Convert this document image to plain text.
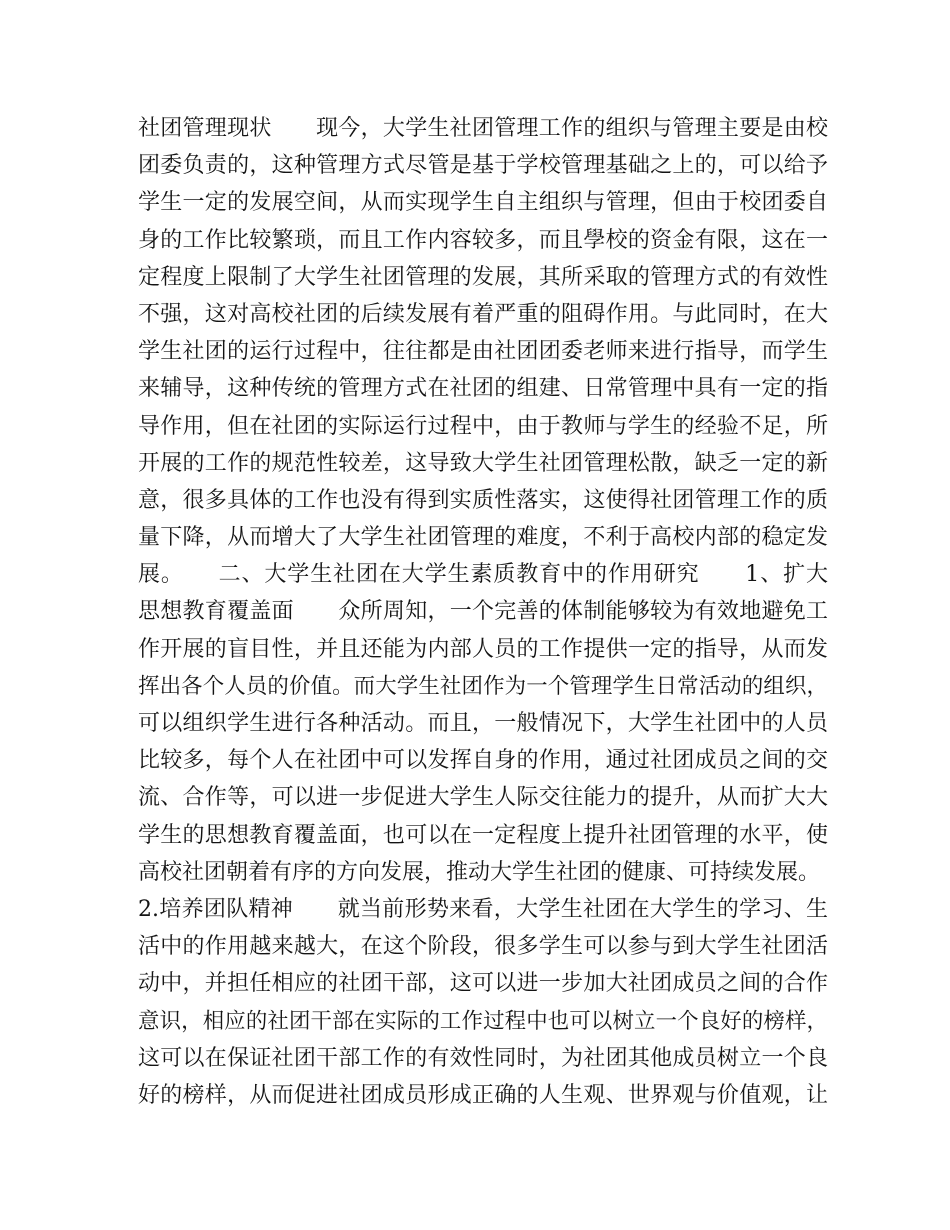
社团管理现状　　现今，大学生社团管理工作的组织与管理主要是由校
团委负责的，这种管理方式尽管是基于学校管理基础之上的，可以给予
学生一定的发展空间，从而实现学生自主组织与管理，但由于校团委自
身的工作比较繁琐，而且工作内容较多，而且學校的资金有限，这在一
定程度上限制了大学生社团管理的发展，其所采取的管理方式的有效性
不强，这对高校社团的后续发展有着严重的阻碍作用。与此同时，在大
学生社团的运行过程中，往往都是由社团团委老师来进行指导，而学生
来辅导，这种传统的管理方式在社团的组建、日常管理中具有一定的指
导作用，但在社团的实际运行过程中，由于教师与学生的经验不足，所
开展的工作的规范性较差，这导致大学生社团管理松散，缺乏一定的新
意，很多具体的工作也没有得到实质性落实，这使得社团管理工作的质
量下降，从而增大了大学生社团管理的难度，不利于高校内部的稳定发
展。　　二、大学生社团在大学生素质教育中的作用研究　　1、扩大
思想教育覆盖面　　众所周知，一个完善的体制能够较为有效地避免工
作开展的盲目性，并且还能为内部人员的工作提供一定的指导，从而发
挥出各个人员的价值。而大学生社团作为一个管理学生日常活动的组织，
可以组织学生进行各种活动。而且，一般情况下，大学生社团中的人员
比较多，每个人在社团中可以发挥自身的作用，通过社团成员之间的交
流、合作等，可以进一步促进大学生人际交往能力的提升，从而扩大大
学生的思想教育覆盖面，也可以在一定程度上提升社团管理的水平，使
高校社团朝着有序的方向发展，推动大学生社团的健康、可持续发展。
2.培养团队精神　　就当前形势来看，大学生社团在大学生的学习、生
活中的作用越来越大，在这个阶段，很多学生可以参与到大学生社团活
动中，并担任相应的社团干部，这可以进一步加大社团成员之间的合作
意识，相应的社团干部在实际的工作过程中也可以树立一个良好的榜样，
这可以在保证社团干部工作的有效性同时，为社团其他成员树立一个良
好的榜样，从而促进社团成员形成正确的人生观、世界观与价值观，让
